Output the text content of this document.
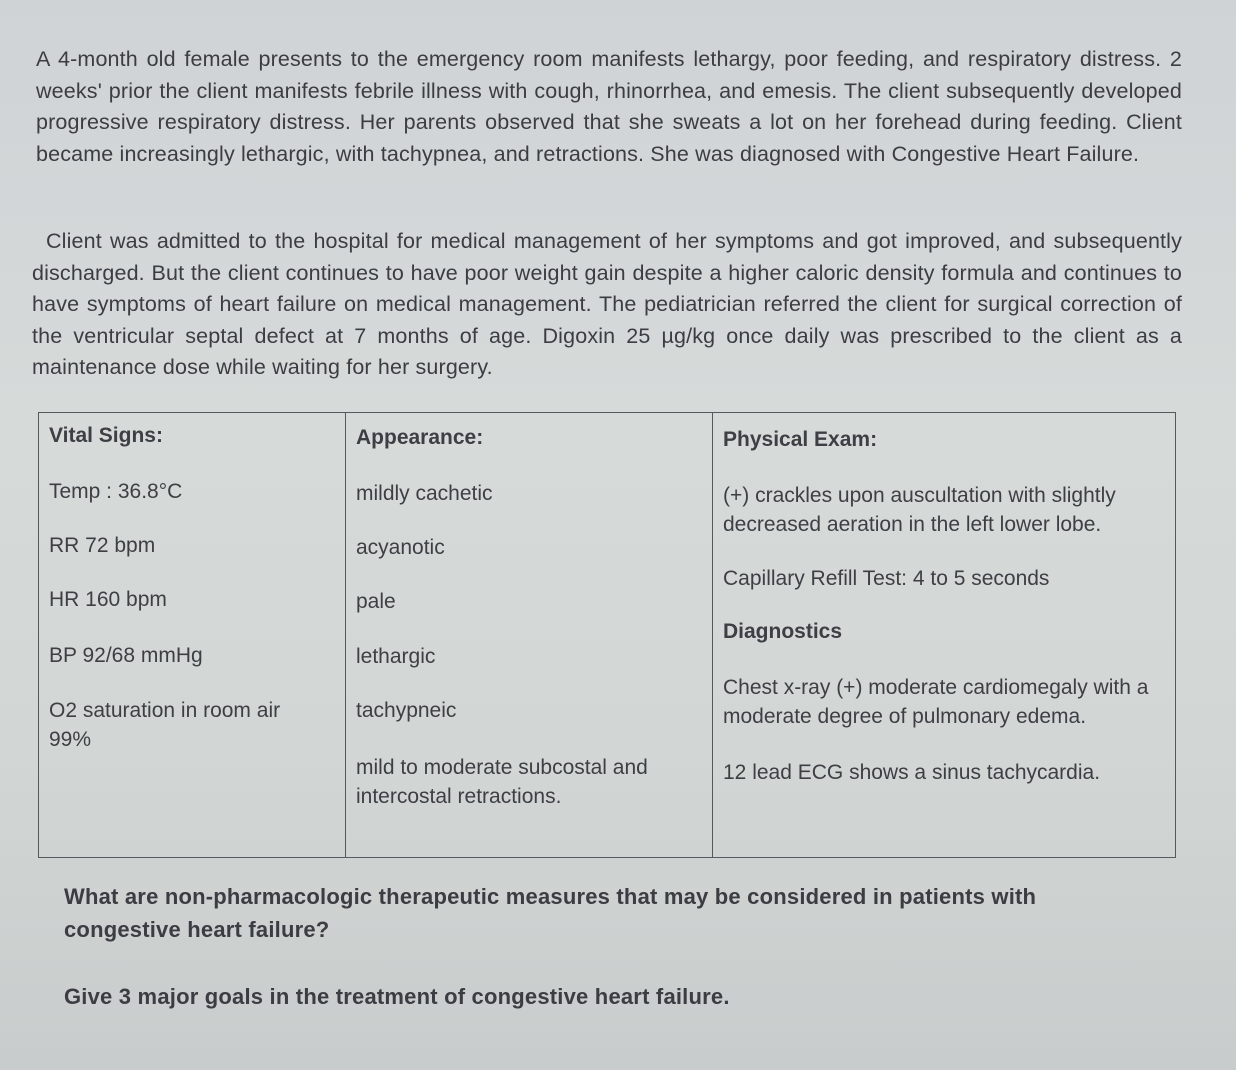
A 4-month old female presents to the emergency room manifests lethargy, poor feeding, and respiratory distress. 2 weeks' prior the client manifests febrile illness with cough, rhinorrhea, and emesis. The client subsequently developed progressive respiratory distress. Her parents observed that she sweats a lot on her forehead during feeding. Client became increasingly lethargic, with tachypnea, and retractions. She was diagnosed with Congestive Heart Failure.

Client was admitted to the hospital for medical management of her symptoms and got improved, and subsequently discharged. But the client continues to have poor weight gain despite a higher caloric density formula and continues to have symptoms of heart failure on medical management. The pediatrician referred the client for surgical correction of the ventricular septal defect at 7 months of age. Digoxin 25 µg/kg once daily was prescribed to the client as a maintenance dose while waiting for her surgery.

Vital Signs:
Temp : 36.8°C
RR 72 bpm
HR 160 bpm
BP 92/68 mmHg
O2 saturation in room air 99%

Appearance:
mildly cachetic
acyanotic
pale
lethargic
tachypneic
mild to moderate subcostal and intercostal retractions.

Physical Exam:
(+) crackles upon auscultation with slightly decreased aeration in the left lower lobe.
Capillary Refill Test: 4 to 5 seconds
Diagnostics
Chest x-ray (+) moderate cardiomegaly with a moderate degree of pulmonary edema.
12 lead ECG shows a sinus tachycardia.
What are non-pharmacologic therapeutic measures that may be considered in patients with congestive heart failure?
Give 3 major goals in the treatment of congestive heart failure.
